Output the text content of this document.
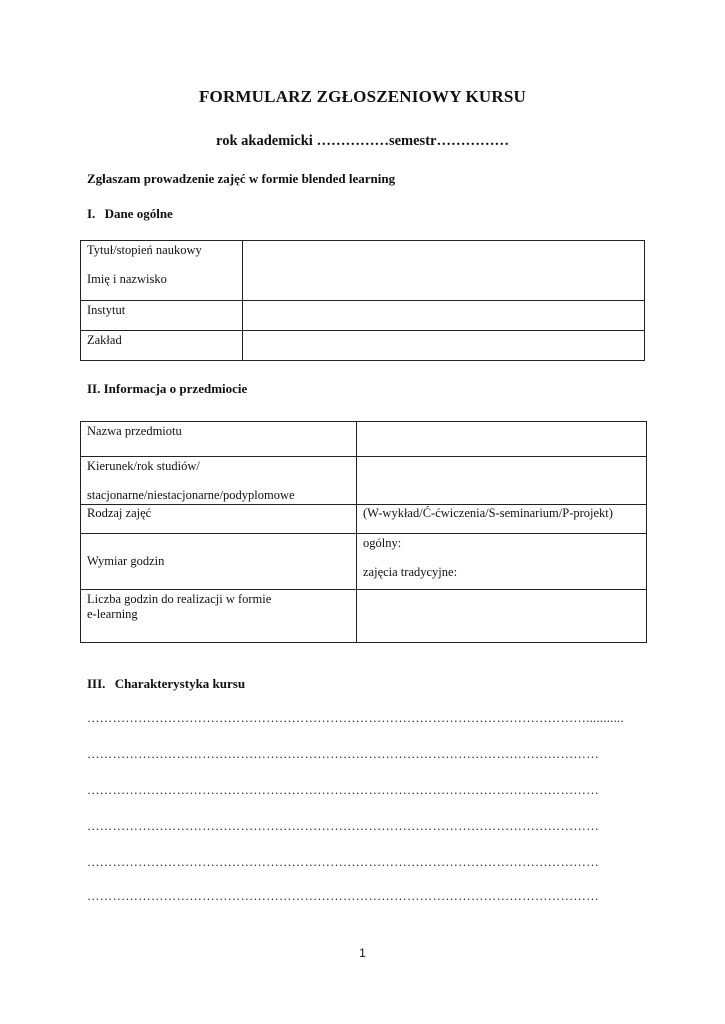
FORMULARZ ZGŁOSZENIOWY KURSU
rok akademicki ……………semestr……………
Zgłaszam prowadzenie zajęć w formie blended learning
I. Dane ogólne
Tytuł/stopień naukowy
Imię i nazwisko	

Instytut	
Zakład	
II. Informacja o przedmiocie
Nazwa przedmiotu	

Kierunek/rok studiów/
stacjonarne/niestacjonarne/podyplomowe	

Rodzaj zajęć	(W-wykład/Ć-ćwiczenia/S-seminarium/P-projekt)
Wymiar godzin	ogólny:
zajęcia tradycyjne:

Liczba godzin do realizacji w formie
e-learning	

III. Charakterystyka kursu
………………………………………………………………………………………………………...........
…………………………………………………………………………………………………………
…………………………………………………………………………………………………………
…………………………………………………………………………………………………………
…………………………………………………………………………………………………………
…………………………………………………………………………………………………………
1
